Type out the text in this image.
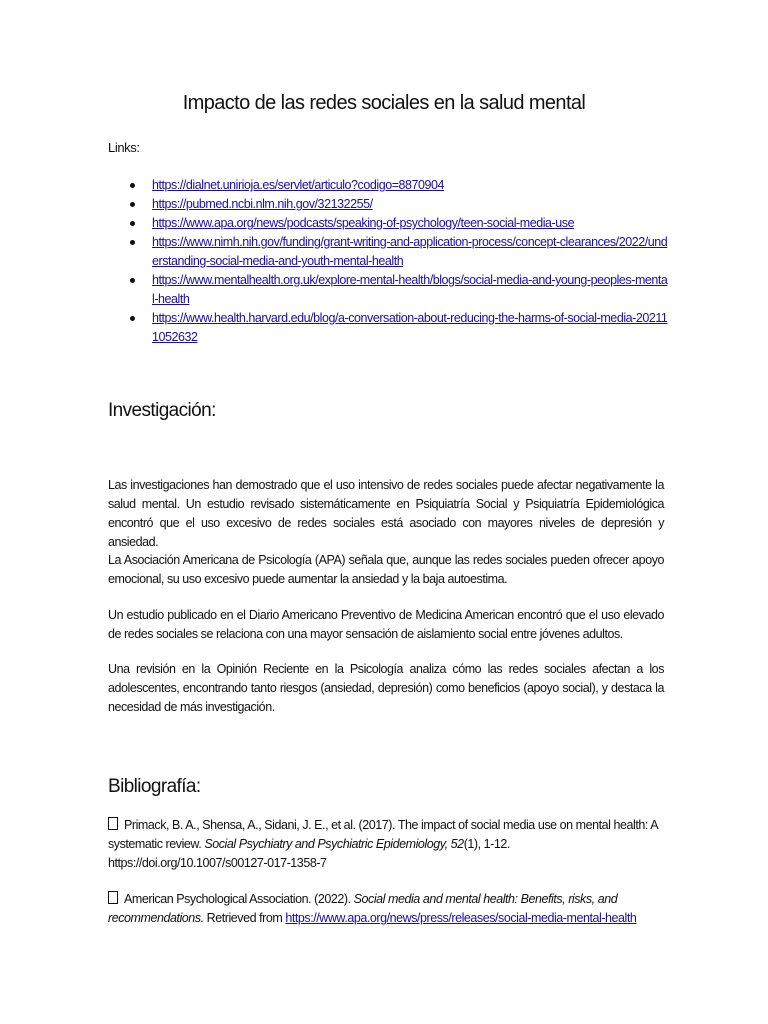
Impacto de las redes sociales en la salud mental

Links:

https://dialnet.unirioja.es/servlet/articulo?codigo=8870904
https://pubmed.ncbi.nlm.nih.gov/32132255/
https://www.apa.org/news/podcasts/speaking-of-psychology/teen-social-media-use
https://www.nimh.nih.gov/funding/grant-writing-and-application-process/concept-clearances/2022/understanding-social-media-and-youth-mental-health
https://www.mentalhealth.org.uk/explore-mental-health/blogs/social-media-and-young-peoples-mental-health
https://www.health.harvard.edu/blog/a-conversation-about-reducing-the-harms-of-social-media-202111052632
Investigación:

Las investigaciones han demostrado que el uso intensivo de redes sociales puede afectar negativamente la salud mental. Un estudio revisado sistemáticamente en Psiquiatría Social y Psiquiatría Epidemiológica encontró que el uso excesivo de redes sociales está asociado con mayores niveles de depresión y ansiedad.

La Asociación Americana de Psicología (APA) señala que, aunque las redes sociales pueden ofrecer apoyo emocional, su uso excesivo puede aumentar la ansiedad y la baja autoestima.

Un estudio publicado en el Diario Americano Preventivo de Medicina American encontró que el uso elevado de redes sociales se relaciona con una mayor sensación de aislamiento social entre jóvenes adultos.

Una revisión en la Opinión Reciente en la Psicología analiza cómo las redes sociales afectan a los adolescentes, encontrando tanto riesgos (ansiedad, depresión) como beneficios (apoyo social), y destaca la necesidad de más investigación.

Bibliografía:

Primack, B. A., Shensa, A., Sidani, J. E., et al. (2017). The impact of social media use on mental health: A systematic review. Social Psychiatry and Psychiatric Epidemiology, 52(1), 1-12. https://doi.org/10.1007/s00127-017-1358-7

American Psychological Association. (2022). Social media and mental health: Benefits, risks, and recommendations. Retrieved from https://www.apa.org/news/press/releases/social-media-mental-health
